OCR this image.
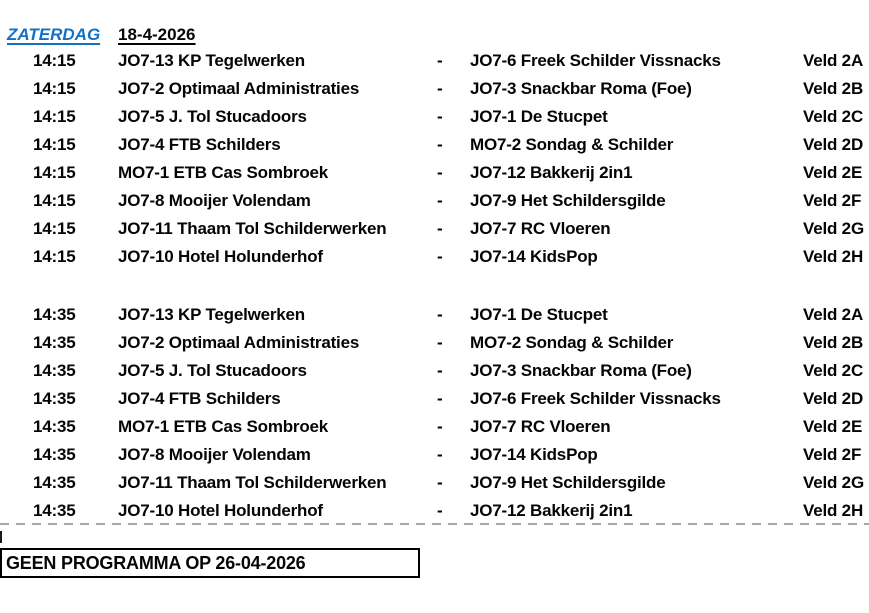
ZATERDAG 18-4-2026
14:15	JO7-13 KP Tegelwerken	-	JO7-6 Freek Schilder Vissnacks	Veld 2A
14:15	JO7-2 Optimaal Administraties	-	JO7-3 Snackbar Roma (Foe)	Veld 2B
14:15	JO7-5 J. Tol Stucadoors	-	JO7-1 De Stucpet	Veld 2C
14:15	JO7-4 FTB Schilders	-	MO7-2 Sondag & Schilder	Veld 2D
14:15	MO7-1 ETB Cas Sombroek	-	JO7-12 Bakkerij 2in1	Veld 2E
14:15	JO7-8 Mooijer Volendam	-	JO7-9 Het Schildersgilde	Veld 2F
14:15	JO7-11 Thaam Tol Schilderwerken	-	JO7-7 RC Vloeren	Veld 2G
14:15	JO7-10 Hotel Holunderhof	-	JO7-14 KidsPop	Veld 2H
14:35	JO7-13 KP Tegelwerken	-	JO7-1 De Stucpet	Veld 2A
14:35	JO7-2 Optimaal Administraties	-	MO7-2 Sondag & Schilder	Veld 2B
14:35	JO7-5 J. Tol Stucadoors	-	JO7-3 Snackbar Roma (Foe)	Veld 2C
14:35	JO7-4 FTB Schilders	-	JO7-6 Freek Schilder Vissnacks	Veld 2D
14:35	MO7-1 ETB Cas Sombroek	-	JO7-7 RC Vloeren	Veld 2E
14:35	JO7-8 Mooijer Volendam	-	JO7-14 KidsPop	Veld 2F
14:35	JO7-11 Thaam Tol Schilderwerken	-	JO7-9 Het Schildersgilde	Veld 2G
14:35	JO7-10 Hotel Holunderhof	-	JO7-12 Bakkerij 2in1	Veld 2H
GEEN PROGRAMMA OP 26-04-2026
